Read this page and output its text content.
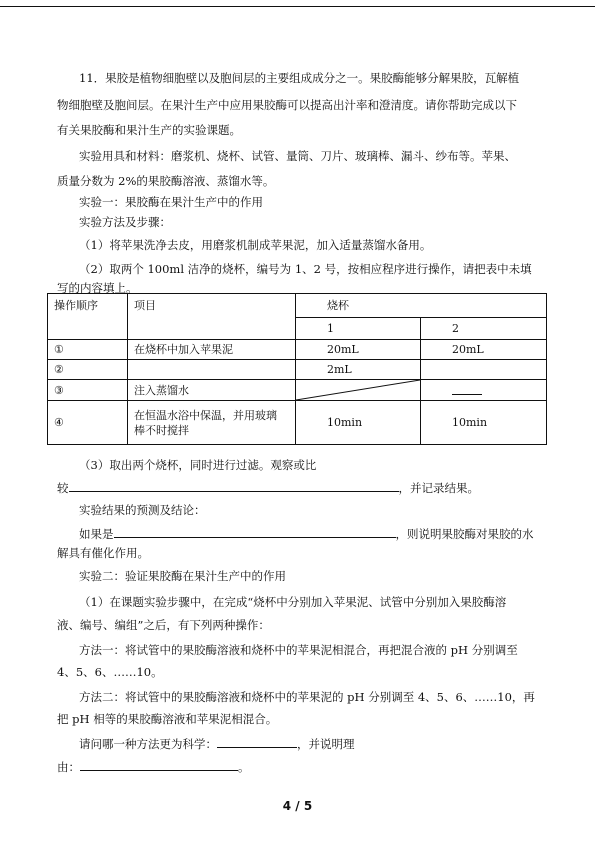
11．果胶是植物细胞壁以及胞间层的主要组成成分之一。果胶酶能够分解果胶，瓦解植
物细胞壁及胞间层。在果汁生产中应用果胶酶可以提高出汁率和澄清度。请你帮助完成以下
有关果胶酶和果汁生产的实验课题。
实验用具和材料：磨浆机、烧杯、试管、量筒、刀片、玻璃棒、漏斗、纱布等。苹果、
质量分数为 2%的果胶酶溶液、蒸馏水等。
实验一：果胶酶在果汁生产中的作用
实验方法及步骤：
（1）将苹果洗净去皮，用磨浆机制成苹果泥，加入适量蒸馏水备用。
（2）取两个 100ml 洁净的烧杯，编号为 1、2 号，按相应程序进行操作，请把表中未填
写的内容填上。
操作顺序	项目	烧杯	
		1	2
①	在烧杯中加入苹果泥	20mL	20mL
②		2mL	
③	注入蒸馏水	

④	在恒温水浴中保温，并用玻璃
棒不时搅拌	10min	10min
（3）取出两个烧杯，同时进行过滤。观察或比
较	，并记录结果。
实验结果的预测及结论：
如果是	，则说明果胶酶对果胶的水
解具有催化作用。
实验二：验证果胶酶在果汁生产中的作用
（1）在课题实验步骤中，在完成“烧杯中分别加入苹果泥、试管中分别加入果胶酶溶
液、编号、编组”之后，有下列两种操作：
方法一：将试管中的果胶酶溶液和烧杯中的苹果泥相混合，再把混合液的 pH 分别调至
4、5、6、……10。
方法二：将试管中的果胶酶溶液和烧杯中的苹果泥的 pH 分别调至 4、5、6、……10，再
把 pH 相等的果胶酶溶液和苹果泥相混合。
请问哪一种方法更为科学：	，并说明理
由：	。
4 / 5
